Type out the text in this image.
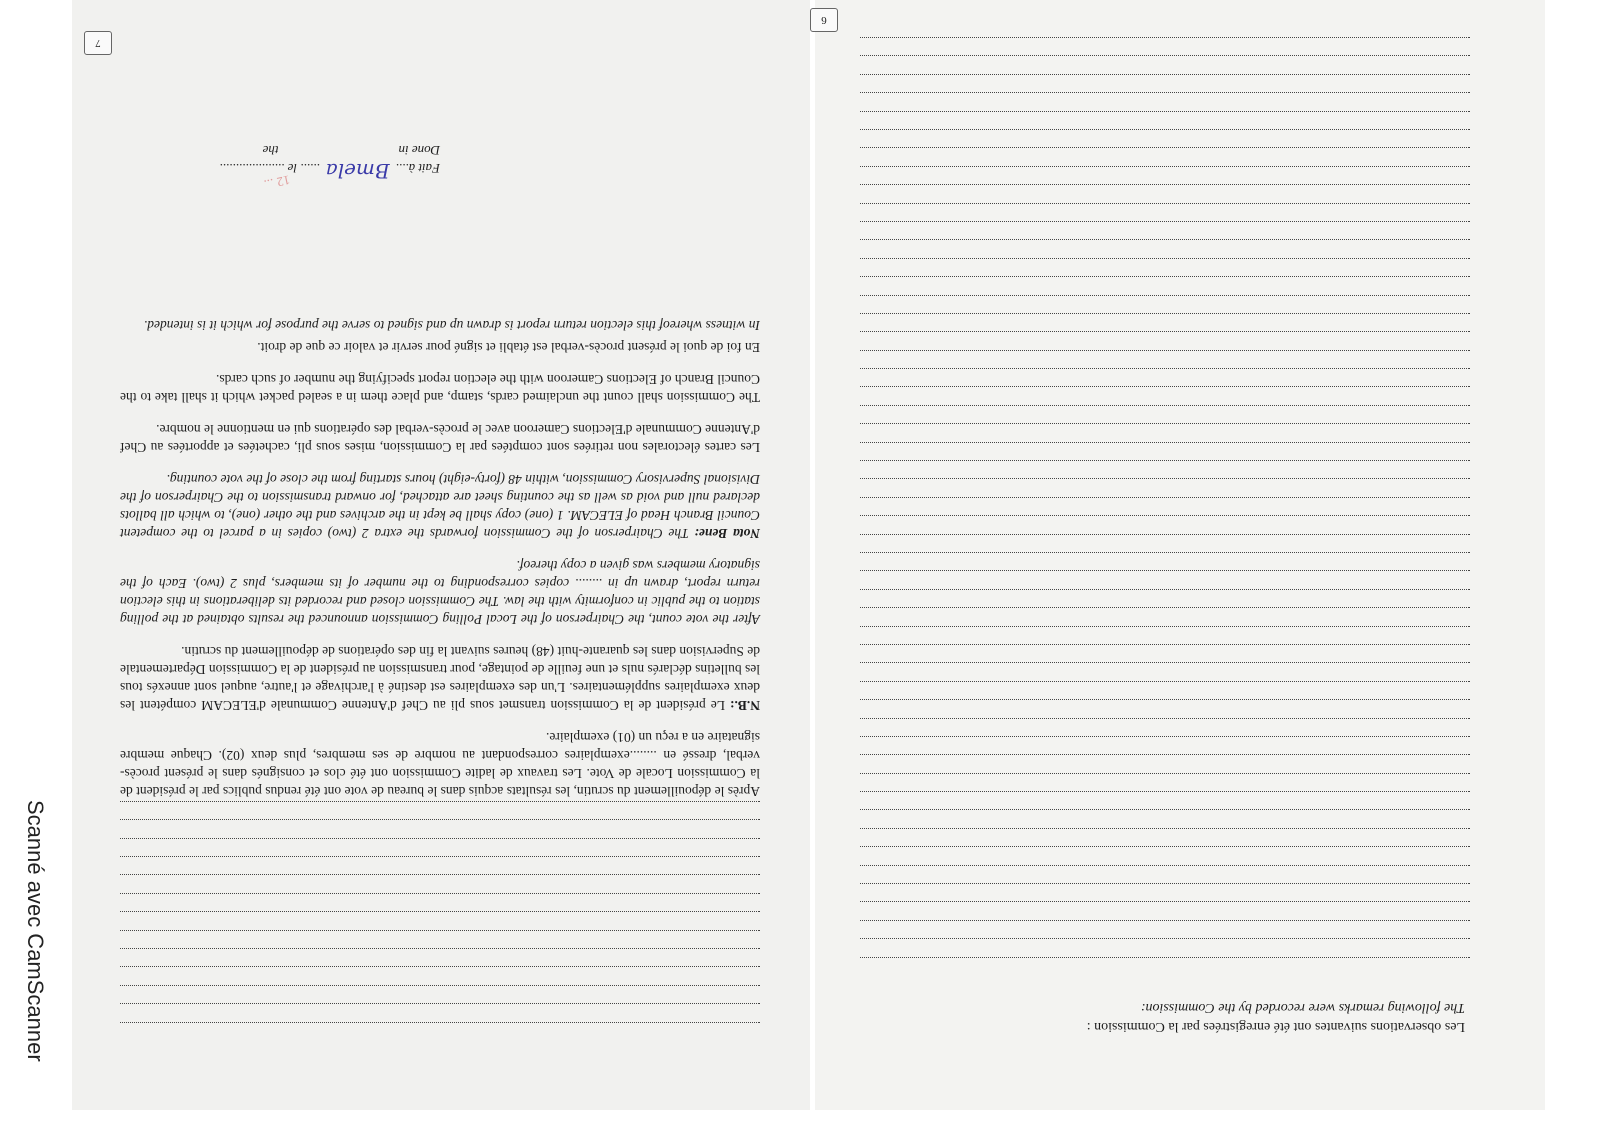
Les observations suivantes ont été enregistrées par la Commission :
The following remarks were recorded by the Commission:
6

Après le dépouillement du scrutin, les résultats acquis dans le bureau de vote ont été rendus publics par le président de la Commission Locale de Vote. Les travaux de ladite Commission ont été clos et consignés dans le présent procès-verbal, dressé en ........exemplaires correspondant au nombre de ses membres, plus deux (02). Chaque membre signataire en a reçu un (01) exemplaire.

N.B.: Le président de la Commission transmet sous pli au Chef d'Antenne Communale d'ELECAM compétent les deux exemplaires supplémentaires. L'un des exemplaires est destiné à l'archivage et l'autre, auquel sont annexés tous les bulletins déclarés nuls et une feuille de pointage, pour transmission au président de la Commission Départementale de Supervision dans les quarante-huit (48) heures suivant la fin des opérations de dépouillement du scrutin.

After the vote count, the Chairperson of the Local Polling Commission announced the results obtained at the polling station to the public in conformity with the law. The Commission closed and recorded its deliberations in this election return report, drawn up in ........ copies corresponding to the number of its members, plus 2 (two). Each of the signatory members was given a copy thereof.

Nota Bene: The Chairperson of the Commission forwards the extra 2 (two) copies in a parcel to the competent Council Branch Head of ELECAM. 1 (one) copy shall be kept in the archives and the other (one), to which all ballots declared null and void as well as the counting sheet are attached, for onward transmission to the Chairperson of the Divisional Supervisory Commission, within 48 (forty-eight) hours starting from the close of the vote counting.

Les cartes électorales non retirées sont comptées par la Commission, mises sous pli, cachetées et apportées au Chef d'Antenne Communale d'Elections Cameroon avec le procès-verbal des opérations qui en mentionne le nombre.

The Commission shall count the unclaimed cards, stamp, and place them in a sealed packet which it shall take to the Council Branch of Elections Cameroon with the election report specifying the number of such cards.

En foi de quoi le présent procès-verbal est établi et signé pour servir et valoir ce que de droit.

In witness whereof this election return report is drawn up and signed to serve the purpose for which it is intended.

Fait à....Bmela...... le ....................
Done inthe
12 ...
7
Scanné avec CamScanner
